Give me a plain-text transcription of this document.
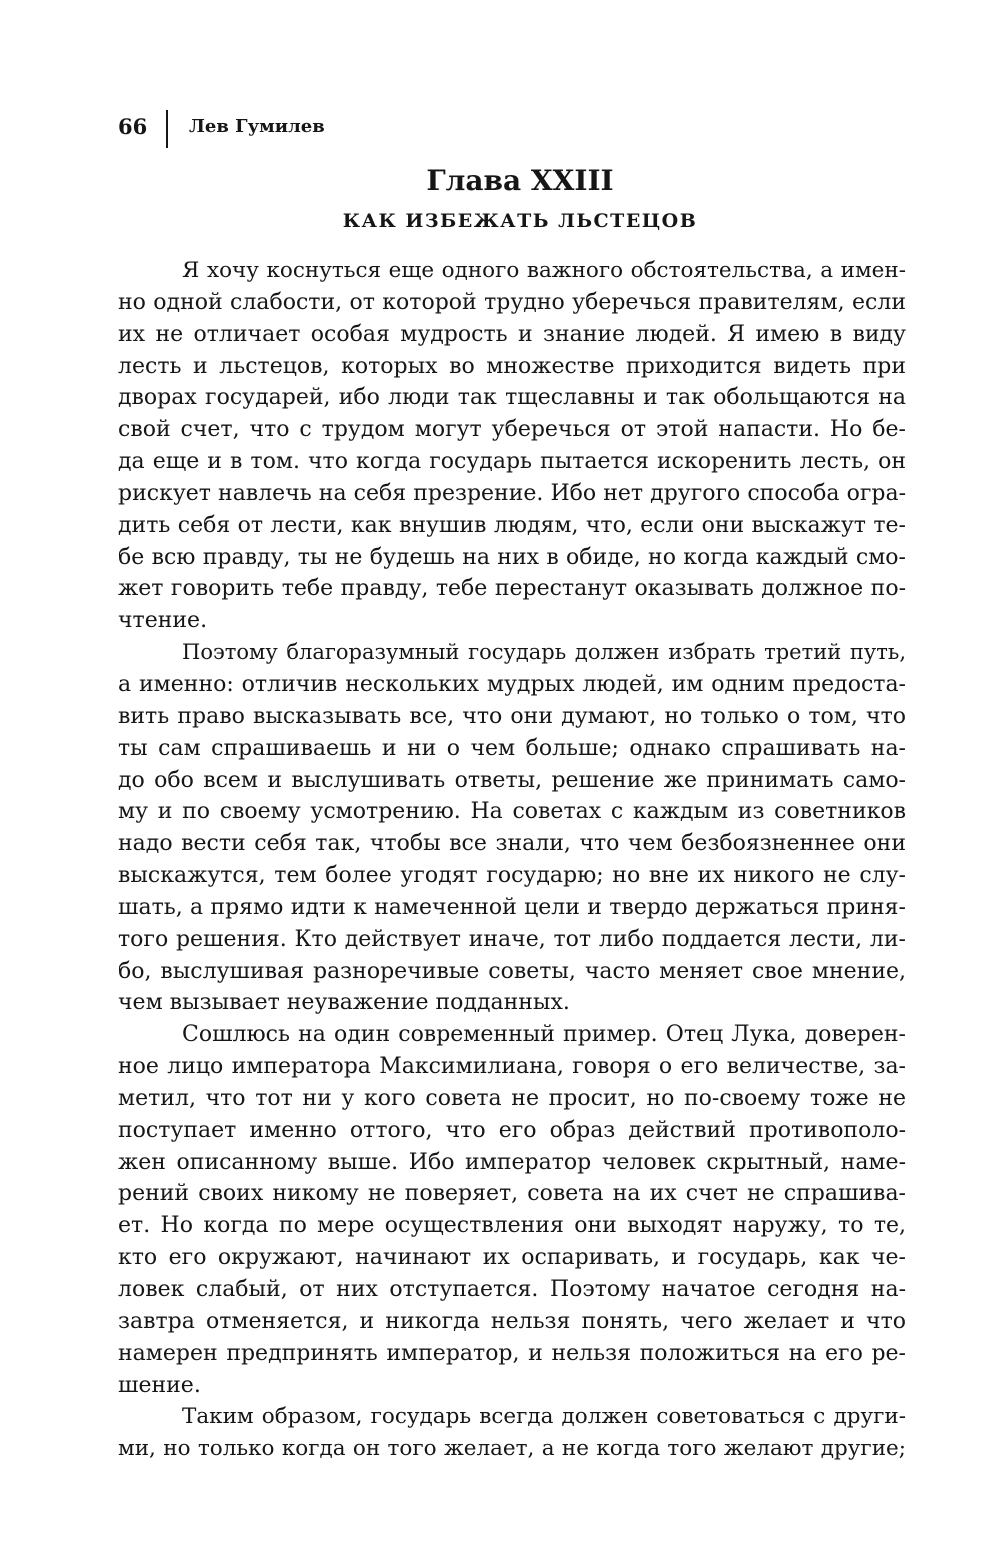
66 Лев Гумилев
Глава XXIII
КАК ИЗБЕЖАТЬ ЛЬСТЕЦОВ
Я хочу коснуться еще одного важного обстоятельства, а имен-
но одной слабости, от которой трудно уберечься правителям, если
их не отличает особая мудрость и знание людей. Я имею в виду
лесть и льстецов, которых во множестве приходится видеть при
дворах государей, ибо люди так тщеславны и так обольщаются на
свой счет, что с трудом могут уберечься от этой напасти. Но бе-
да еще и в том. что когда государь пытается искоренить лесть, он
рискует навлечь на себя презрение. Ибо нет другого способа огра-
дить себя от лести, как внушив людям, что, если они выскажут те-
бе всю правду, ты не будешь на них в обиде, но когда каждый смо-
жет говорить тебе правду, тебе перестанут оказывать должное по-
чтение.
Поэтому благоразумный государь должен избрать третий путь,
а именно: отличив нескольких мудрых людей, им одним предоста-
вить право высказывать все, что они думают, но только о том, что
ты сам спрашиваешь и ни о чем больше; однако спрашивать на-
до обо всем и выслушивать ответы, решение же принимать само-
му и по своему усмотрению. На советах с каждым из советников
надо вести себя так, чтобы все знали, что чем безбоязненнее они
выскажутся, тем более угодят государю; но вне их никого не слу-
шать, а прямо идти к намеченной цели и твердо держаться приня-
того решения. Кто действует иначе, тот либо поддается лести, ли-
бо, выслушивая разноречивые советы, часто меняет свое мнение,
чем вызывает неуважение подданных.
Сошлюсь на один современный пример. Отец Лука, доверен-
ное лицо императора Максимилиана, говоря о его величестве, за-
метил, что тот ни у кого совета не просит, но по-своему тоже не
поступает именно оттого, что его образ действий противополо-
жен описанному выше. Ибо император человек скрытный, наме-
рений своих никому не поверяет, совета на их счет не спрашива-
ет. Но когда по мере осуществления они выходят наружу, то те,
кто его окружают, начинают их оспаривать, и государь, как че-
ловек слабый, от них отступается. Поэтому начатое сегодня на-
завтра отменяется, и никогда нельзя понять, чего желает и что
намерен предпринять император, и нельзя положиться на его ре-
шение.
Таким образом, государь всегда должен советоваться с други-
ми, но только когда он того желает, а не когда того желают другие;
